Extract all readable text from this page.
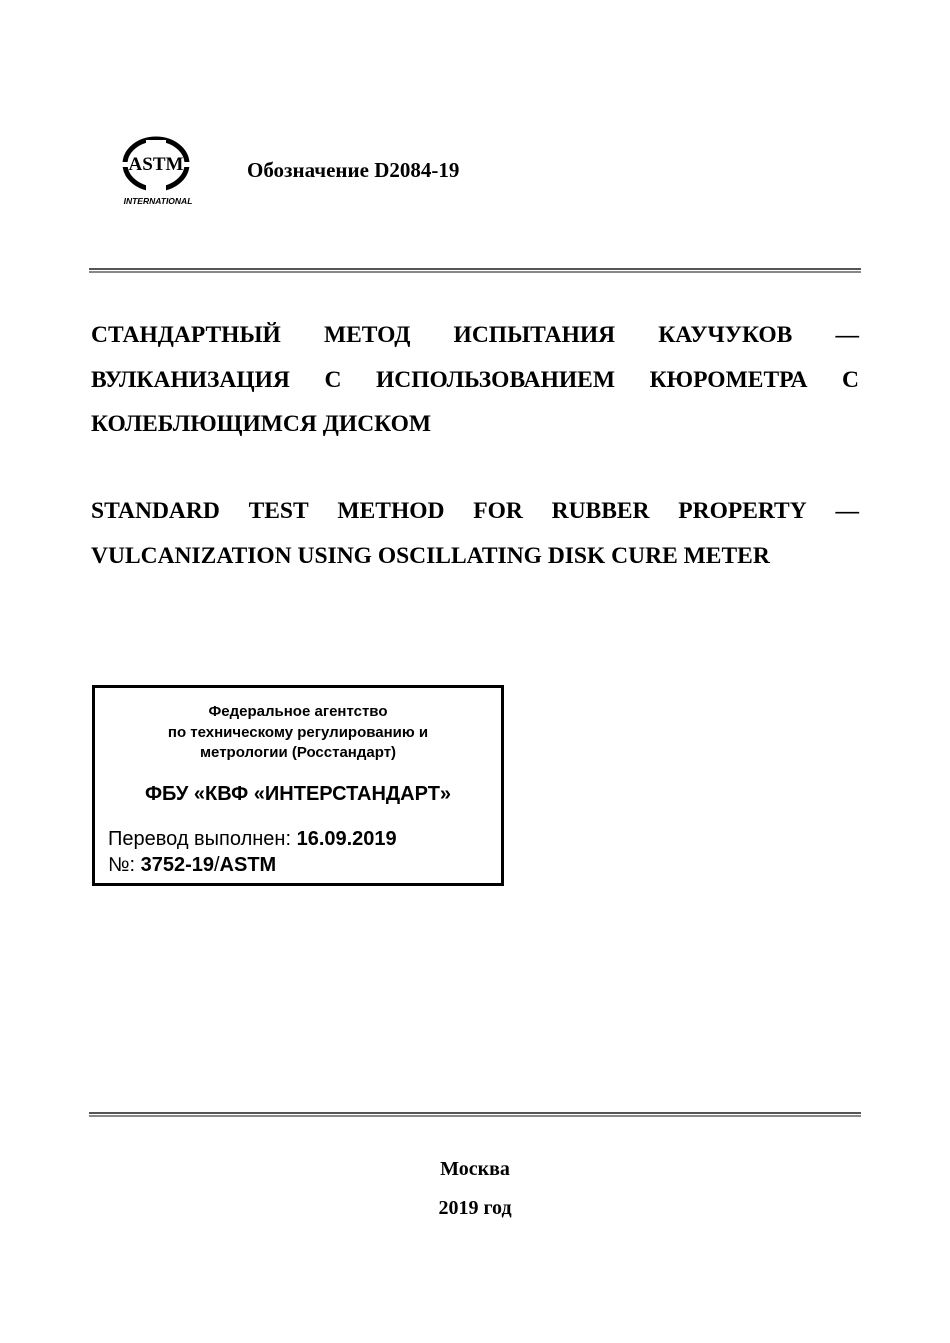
ASTM
INTERNATIONAL
Обозначение D2084-19
СТАНДАРТНЫЙ МЕТОД ИСПЫТАНИЯ КАУЧУКОВ —
ВУЛКАНИЗАЦИЯ С ИСПОЛЬЗОВАНИЕМ КЮРОМЕТРА С
КОЛЕБЛЮЩИМСЯ ДИСКОМ
STANDARD TEST METHOD FOR RUBBER PROPERTY —
VULCANIZATION USING OSCILLATING DISK CURE METER
Федеральное агентство
по техническому регулированию и
метрологии (Росстандарт)
ФБУ «КВФ «ИНТЕРСТАНДАРТ»
Перевод выполнен: 16.09.2019
№: 3752-19/ASTM
Москва
2019 год
